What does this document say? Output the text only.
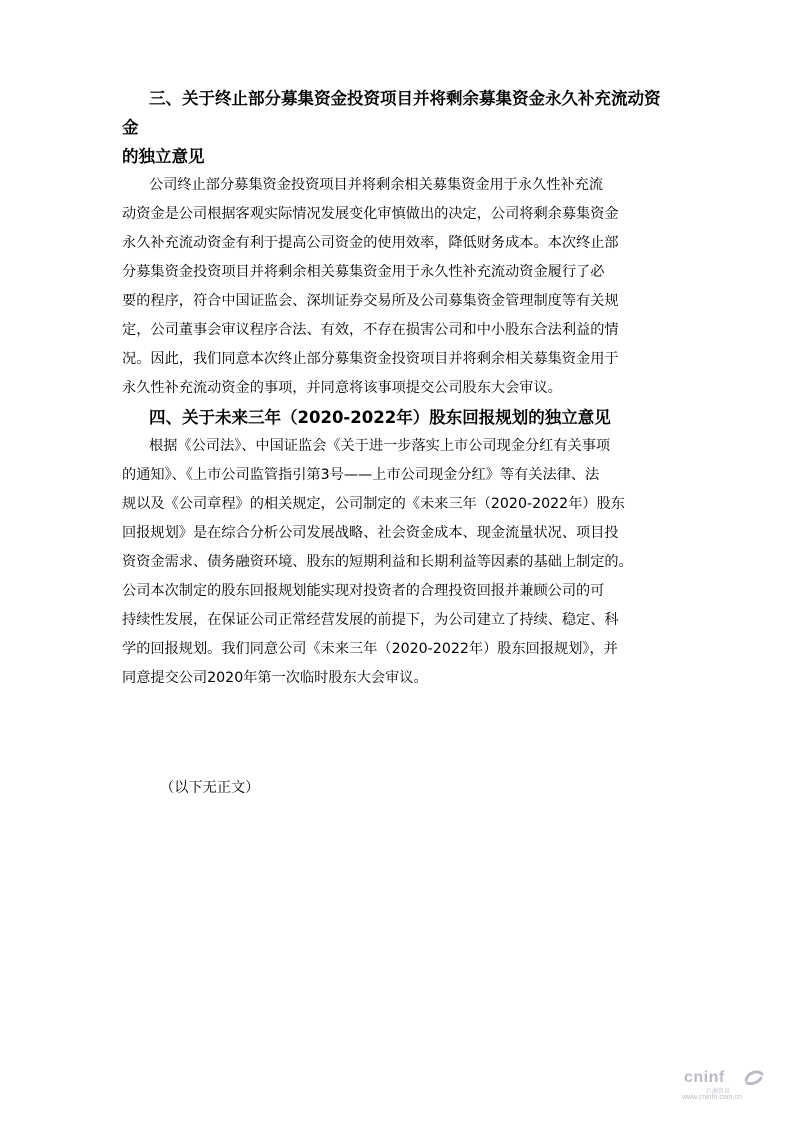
三、关于终止部分募集资金投资项目并将剩余募集资金永久补充流动资金

的独立意见

公司终止部分募集资金投资项目并将剩余相关募集资金用于永久性补充流
动资金是公司根据客观实际情况发展变化审慎做出的决定，公司将剩余募集资金
永久补充流动资金有利于提高公司资金的使用效率，降低财务成本。本次终止部
分募集资金投资项目并将剩余相关募集资金用于永久性补充流动资金履行了必
要的程序，符合中国证监会、深圳证券交易所及公司募集资金管理制度等有关规
定，公司董事会审议程序合法、有效，不存在损害公司和中小股东合法利益的情
况。因此，我们同意本次终止部分募集资金投资项目并将剩余相关募集资金用于
永久性补充流动资金的事项，并同意将该事项提交公司股东大会审议。

四、关于未来三年（2020-2022年）股东回报规划的独立意见

根据《公司法》、中国证监会《关于进一步落实上市公司现金分红有关事项
的通知》、《上市公司监管指引第3号——上市公司现金分红》等有关法律、法
规以及《公司章程》的相关规定，公司制定的《未来三年（2020-2022年）股东
回报规划》是在综合分析公司发展战略、社会资金成本、现金流量状况、项目投
资资金需求、债务融资环境、股东的短期利益和长期利益等因素的基础上制定的。
公司本次制定的股东回报规划能实现对投资者的合理投资回报并兼顾公司的可
持续性发展，在保证公司正常经营发展的前提下，为公司建立了持续、稳定、科
学的回报规划。我们同意公司《未来三年（2020-2022年）股东回报规划》，并
同意提交公司2020年第一次临时股东大会审议。
（以下无正文）
cninf
巨潮资讯
www.cninfo.com.cn
